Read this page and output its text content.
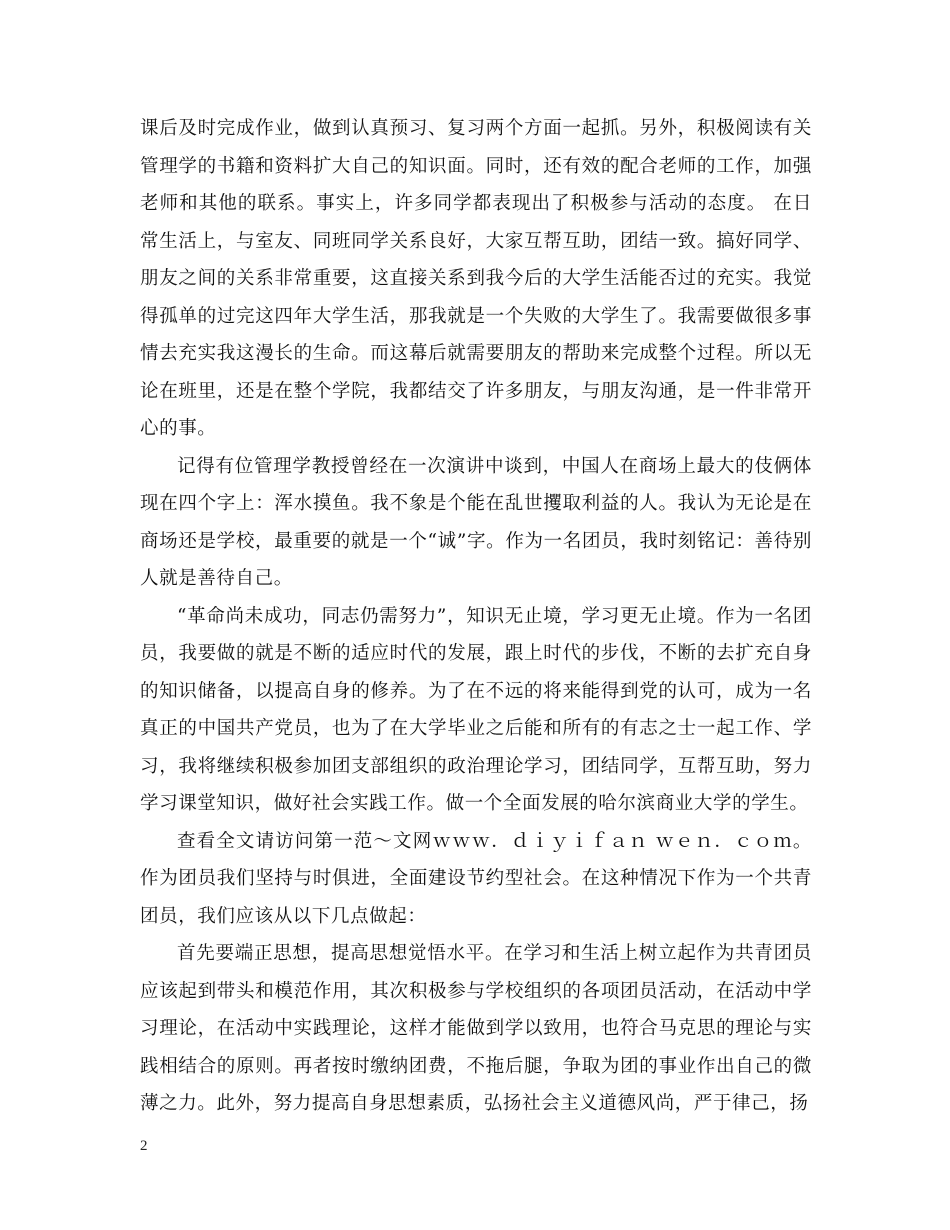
课后及时完成作业，做到认真预习、复习两个方面一起抓。另外，积极阅读有关管理学的书籍和资料扩大自己的知识面。同时，还有效的配合老师的工作，加强老师和其他的联系。事实上，许多同学都表现出了积极参与活动的态度。 在日常生活上，与室友、同班同学关系良好，大家互帮互助，团结一致。搞好同学、朋友之间的关系非常重要，这直接关系到我今后的大学生活能否过的充实。我觉得孤单的过完这四年大学生活，那我就是一个失败的大学生了。我需要做很多事情去充实我这漫长的生命。而这幕后就需要朋友的帮助来完成整个过程。所以无论在班里，还是在整个学院，我都结交了许多朋友，与朋友沟通，是一件非常开心的事。

记得有位管理学教授曾经在一次演讲中谈到，中国人在商场上最大的伎俩体现在四个字上：浑水摸鱼。我不象是个能在乱世攫取利益的人。我认为无论是在商场还是学校，最重要的就是一个“诚”字。作为一名团员，我时刻铭记：善待别人就是善待自己。

“革命尚未成功，同志仍需努力”，知识无止境，学习更无止境。作为一名团员，我要做的就是不断的适应时代的发展，跟上时代的步伐，不断的去扩充自身的知识储备，以提高自身的修养。为了在不远的将来能得到党的认可，成为一名真正的中国共产党员，也为了在大学毕业之后能和所有的有志之士一起工作、学习，我将继续积极参加团支部组织的政治理论学习，团结同学，互帮互助，努力学习课堂知识，做好社会实践工作。做一个全面发展的哈尔滨商业大学的学生。

查看全文请访问第一范～文网ｗｗｗ．ｄｉｙｉｆａｎ ｗｅｎ．ｃｏｍ。作为团员我们坚持与时俱进，全面建设节约型社会。在这种情况下作为一个共青团员，我们应该从以下几点做起：

首先要端正思想，提高思想觉悟水平。在学习和生活上树立起作为共青团员应该起到带头和模范作用，其次积极参与学校组织的各项团员活动，在活动中学习理论，在活动中实践理论，这样才能做到学以致用，也符合马克思的理论与实践相结合的原则。再者按时缴纳团费，不拖后腿，争取为团的事业作出自己的微薄之力。此外，努力提高自身思想素质，弘扬社会主义道德风尚，严于律己，扬

2
